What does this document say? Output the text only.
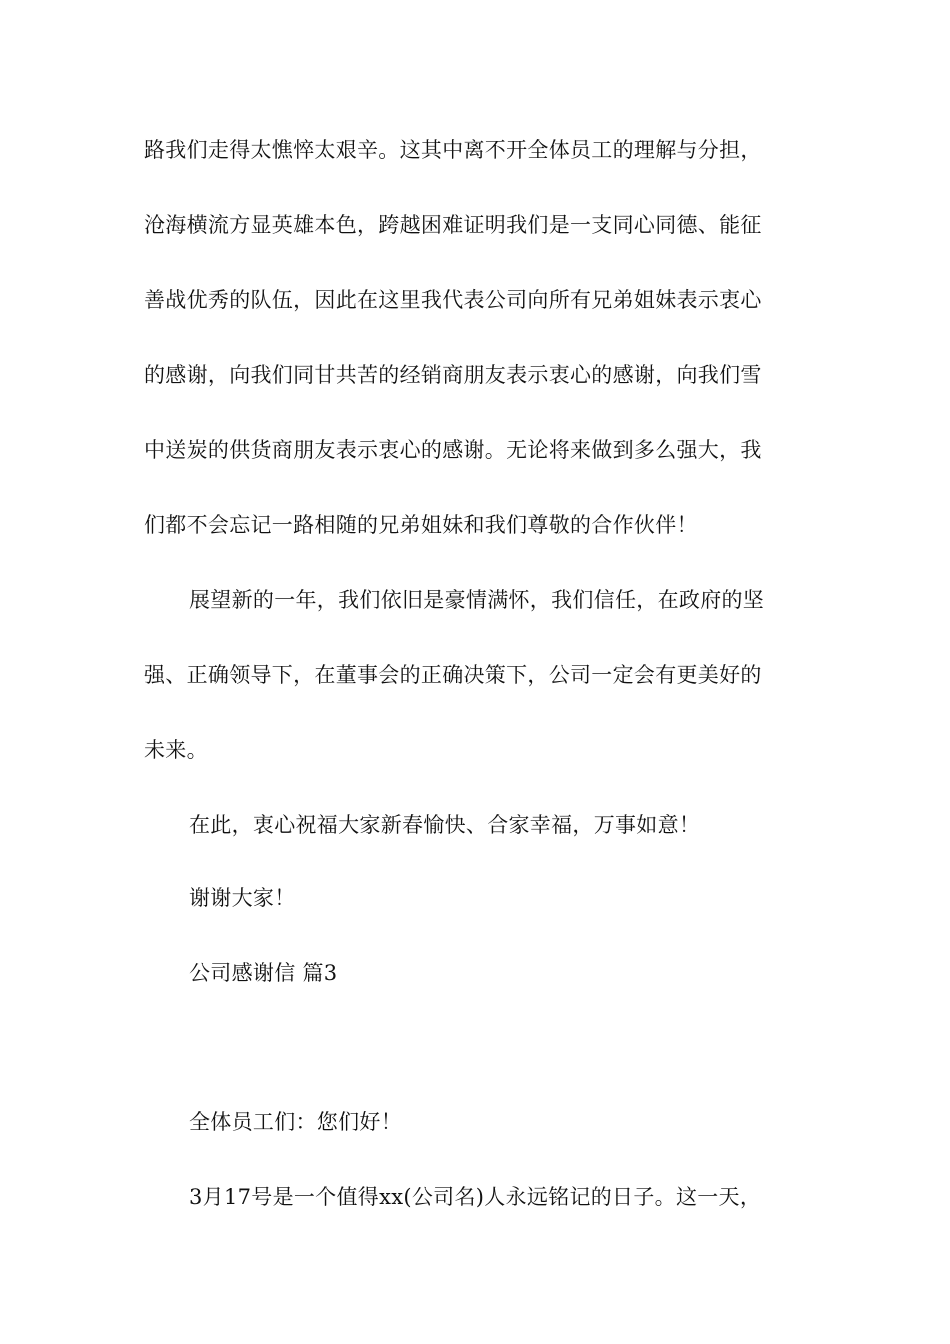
路我们走得太憔悴太艰辛。这其中离不开全体员工的理解与分担，
沧海横流方显英雄本色，跨越困难证明我们是一支同心同德、能征
善战优秀的队伍，因此在这里我代表公司向所有兄弟姐妹表示衷心
的感谢，向我们同甘共苦的经销商朋友表示衷心的感谢，向我们雪
中送炭的供货商朋友表示衷心的感谢。无论将来做到多么强大，我
们都不会忘记一路相随的兄弟姐妹和我们尊敬的合作伙伴！
展望新的一年，我们依旧是豪情满怀，我们信任，在政府的坚
强、正确领导下，在董事会的正确决策下，公司一定会有更美好的
未来。
在此，衷心祝福大家新春愉快、合家幸福，万事如意！
谢谢大家！
公司感谢信 篇3
全体员工们：您们好！
3月17号是一个值得xx(公司名)人永远铭记的日子。这一天，
